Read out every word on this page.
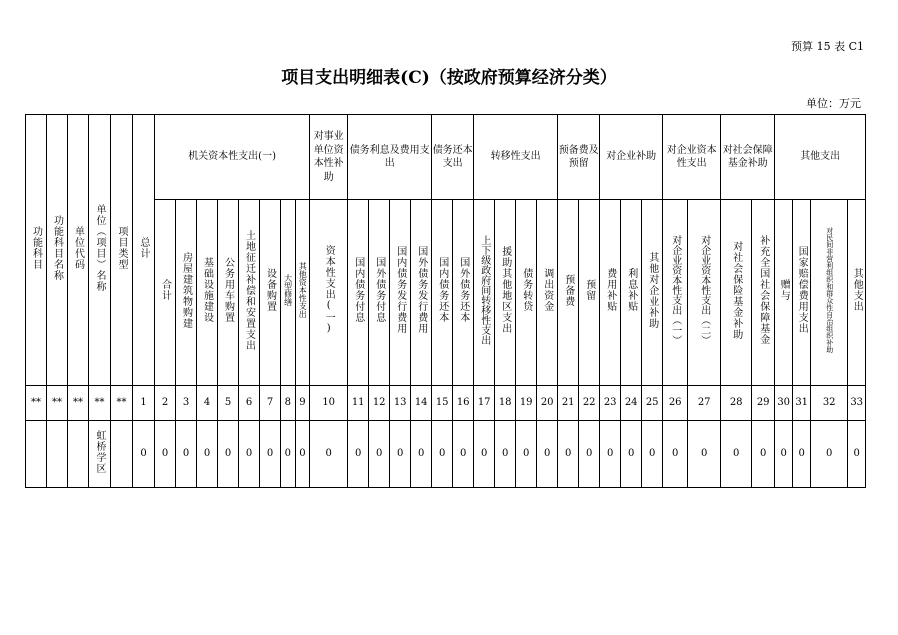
预算 15 表 C1
项目支出明细表(C)（按政府预算经济分类）
单位：万元
功能科目	功能科目名称	单位代码	单位（项目）名称	项目类型	总计	机关资本性支出(一)								对事业单位资本性补助	债务利息及费用支出				债务还本支出		转移性支出				预备费及预留		对企业补助			对企业资本性支出		对社会保障基金补助		其他支出			
						合计	房屋建筑物购建	基础设施建设	公务用车购置	土地征迁补偿和安置支出	设备购置	大型修缮	其他资本性支出	资本性支出(一)	国内债务付息	国外债务付息	国内债务发行费用	国外债务发行费用	国内债务还本	国外债务还本	上下级政府间转移性支出	援助其他地区支出	债务转贷	调出资金	预备费	预留	费用补贴	利息补贴	其他对企业补助	对企业资本性支出（一）	对企业资本性支出（二）	对社会保险基金补助	补充全国社会保障基金	赠与	国家赔偿费用支出	对民间非营利组织和群众性自治组织补助	其他支出
**	**	**	**	**	1	2	3	4	5	6	7	8	9	10	11	12	13	14	15	16	17	18	19	20	21	22	23	24	25	26	27	28	29	30	31	32	33
			虹桥学区		0	0	0	0	0	0	0	0	0	0	0	0	0	0	0	0	0	0	0	0	0	0	0	0	0	0	0	0	0	0	0	0	0
